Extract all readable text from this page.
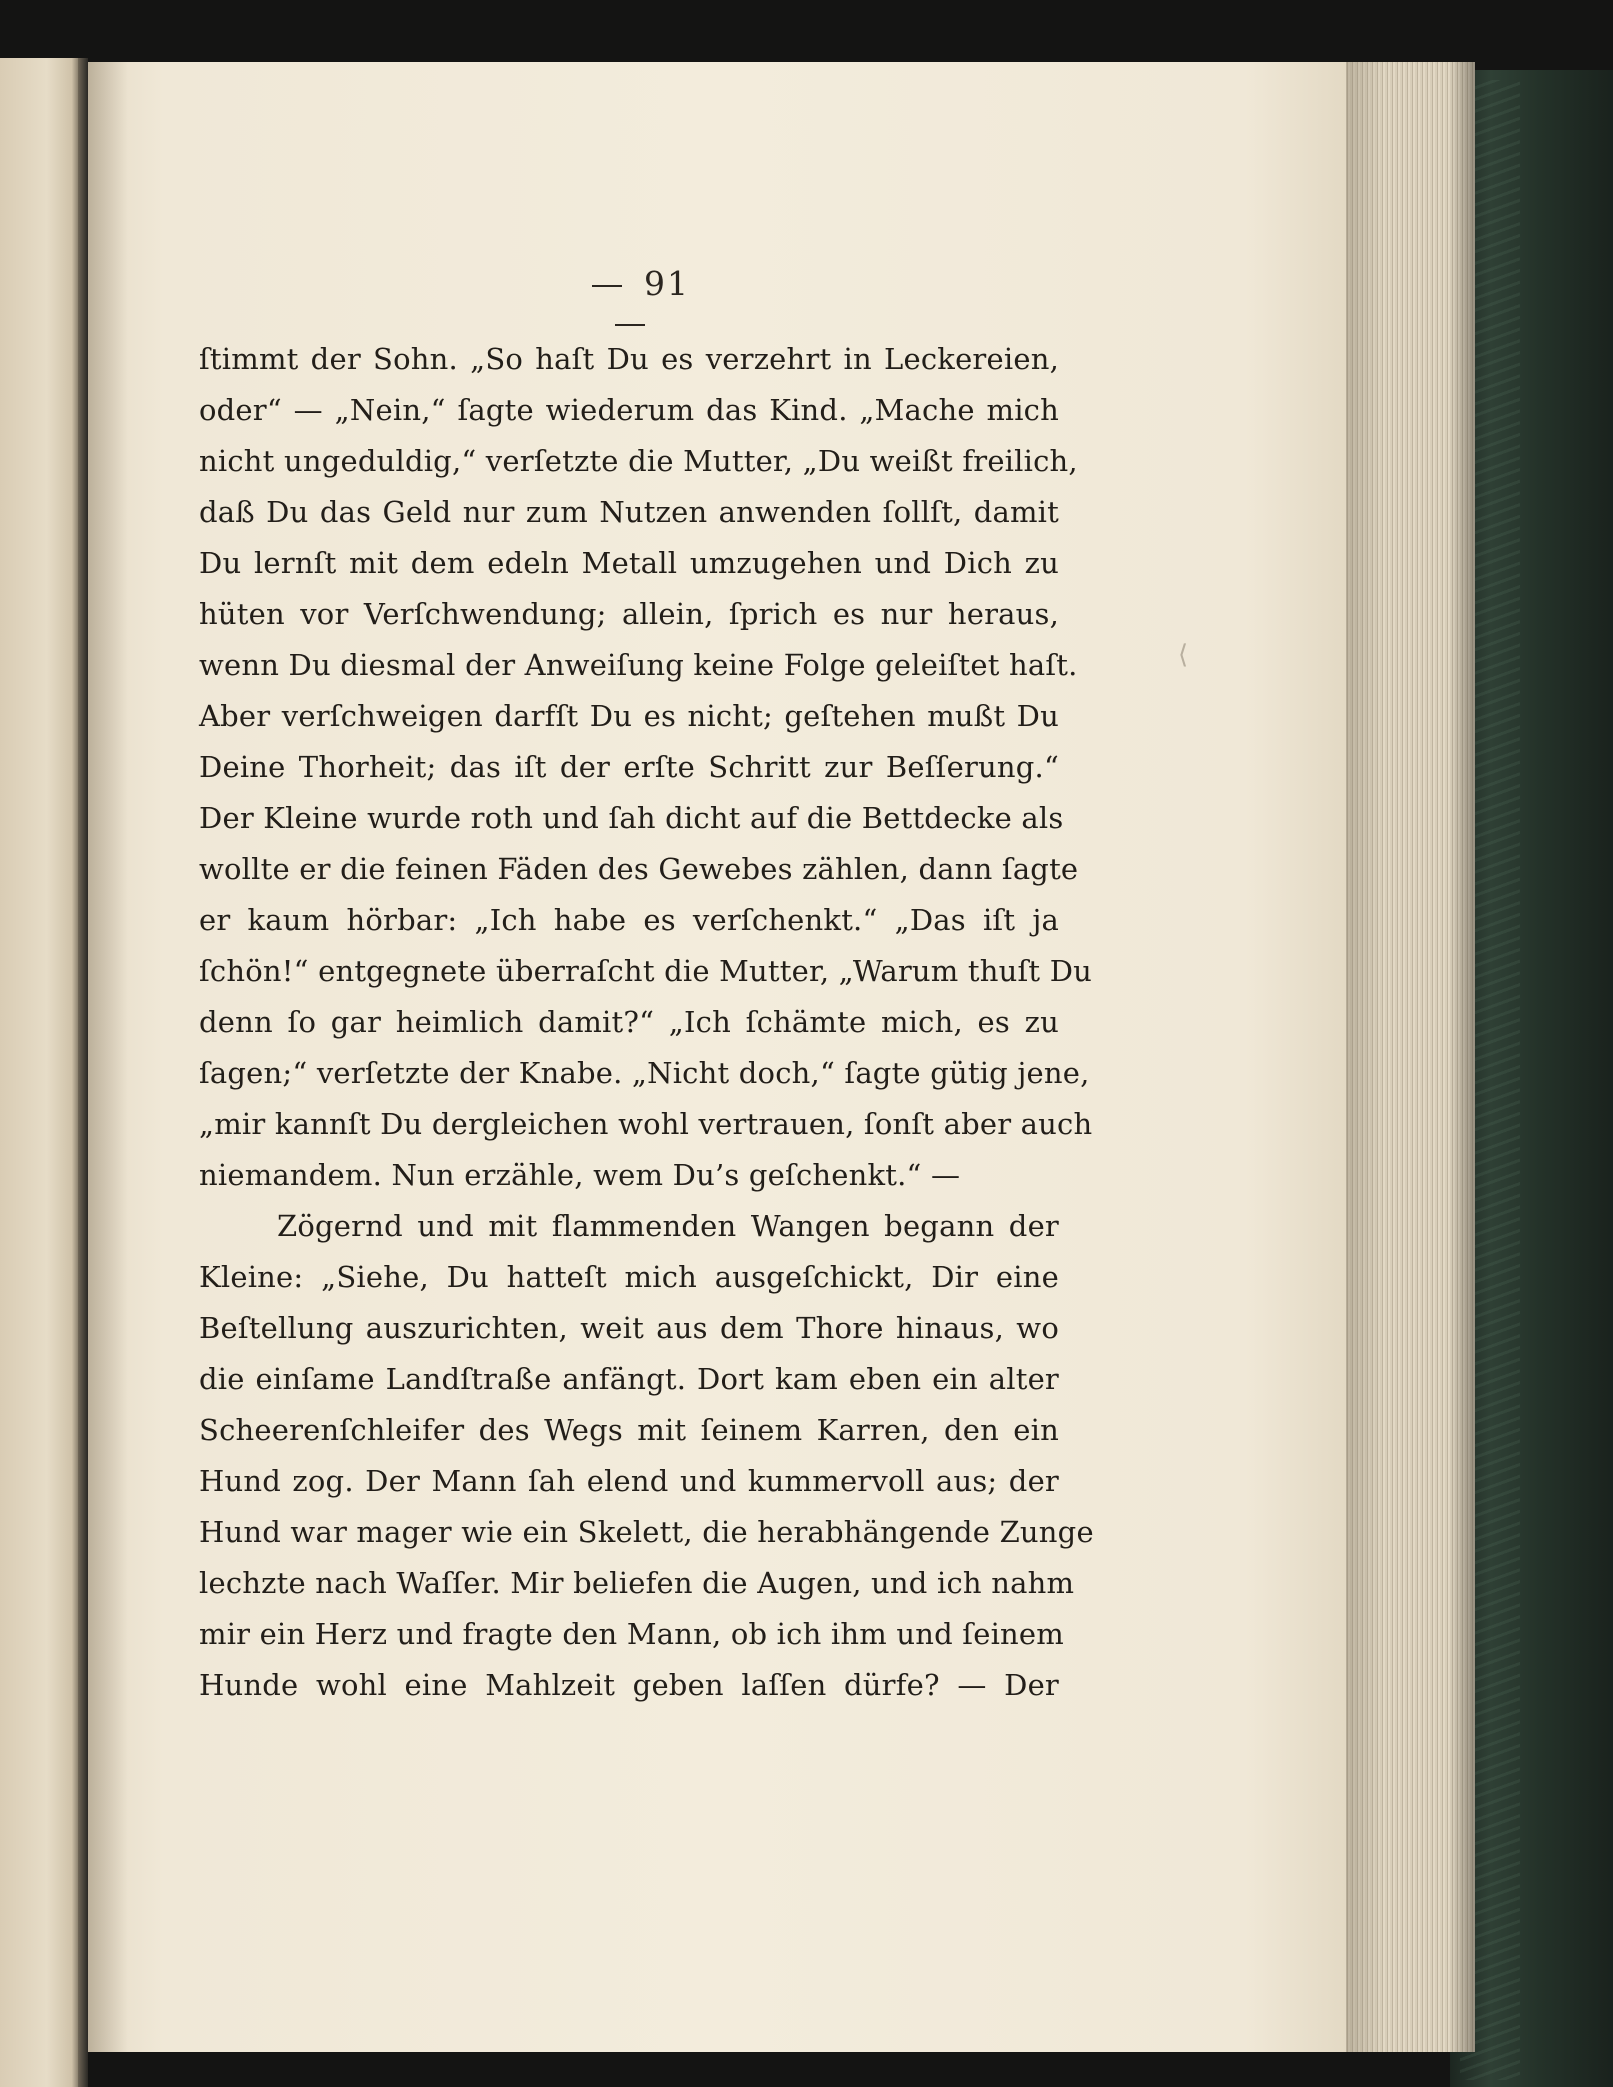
91
ſtimmt der Sohn. „So haſt Du es verzehrt in Leckereien,
oder“ — „Nein,“ ſagte wiederum das Kind. „Mache mich
nicht ungeduldig,“ verſetzte die Mutter, „Du weißt freilich,
daß Du das Geld nur zum Nutzen anwenden ſollſt, damit
Du lernſt mit dem edeln Metall umzugehen und Dich zu
hüten vor Verſchwendung; allein, ſprich es nur heraus,
wenn Du diesmal der Anweiſung keine Folge geleiſtet haſt.
Aber verſchweigen darfſt Du es nicht; geſtehen mußt Du
Deine Thorheit; das iſt der erſte Schritt zur Beſſerung.“
Der Kleine wurde roth und ſah dicht auf die Bettdecke als
wollte er die feinen Fäden des Gewebes zählen, dann ſagte
er kaum hörbar: „Ich habe es verſchenkt.“ „Das iſt ja
ſchön!“ entgegnete überraſcht die Mutter, „Warum thuſt Du
denn ſo gar heimlich damit?“ „Ich ſchämte mich, es zu
ſagen;“ verſetzte der Knabe. „Nicht doch,“ ſagte gütig jene,
„mir kannſt Du dergleichen wohl vertrauen, ſonſt aber auch
niemandem. Nun erzähle, wem Du’s geſchenkt.“ —
Zögernd und mit flammenden Wangen begann der
Kleine: „Siehe, Du hatteſt mich ausgeſchickt, Dir eine
Beſtellung auszurichten, weit aus dem Thore hinaus, wo
die einſame Landſtraße anfängt. Dort kam eben ein alter
Scheerenſchleifer des Wegs mit ſeinem Karren, den ein
Hund zog. Der Mann ſah elend und kummervoll aus; der
Hund war mager wie ein Skelett, die herabhängende Zunge
lechzte nach Waſſer. Mir beliefen die Augen, und ich nahm
mir ein Herz und fragte den Mann, ob ich ihm und ſeinem
Hunde wohl eine Mahlzeit geben laſſen dürfe? — Der
⟨
